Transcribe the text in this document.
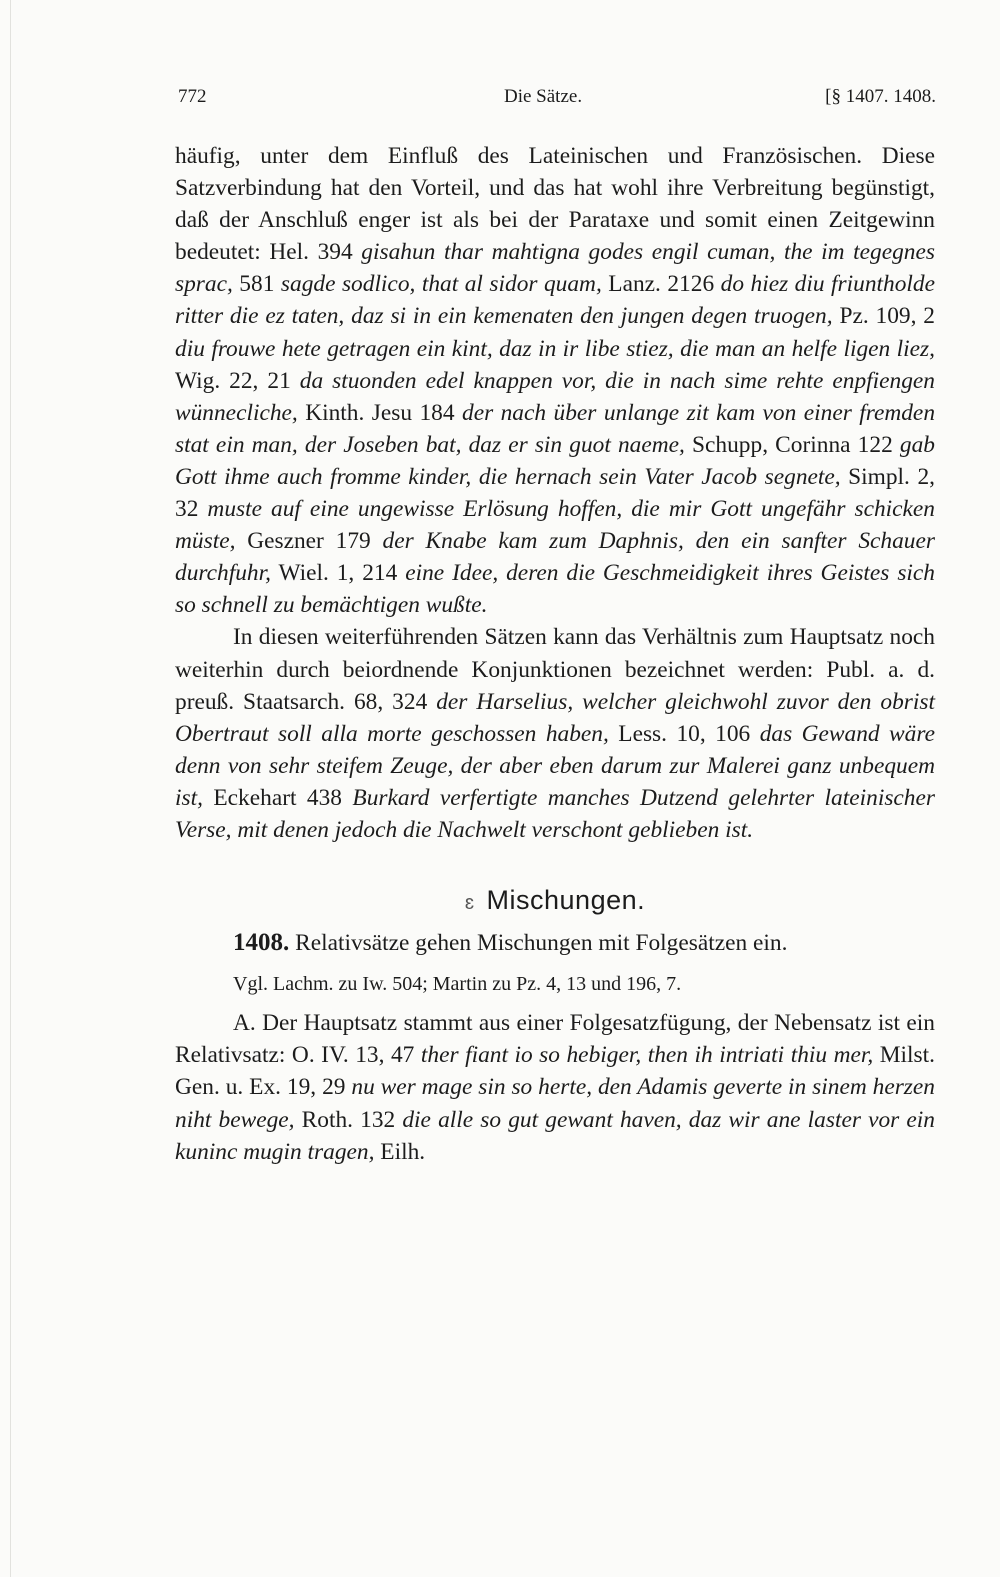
772	Die Sätze.	[§ 1407. 1408.

häufig, unter dem Einfluß des Lateinischen und Französischen. Diese Satzverbindung hat den Vorteil, und das hat wohl ihre Verbreitung begünstigt, daß der Anschluß enger ist als bei der Parataxe und somit einen Zeitgewinn bedeutet: Hel. 394 gisahun thar mahtigna godes engil cuman, the im tegegnes sprac, 581 sagde sodlico, that al sidor quam, Lanz. 2126 do hiez diu friuntholde ritter die ez taten, daz si in ein kemenaten den jungen degen truogen, Pz. 109, 2 diu frouwe hete getragen ein kint, daz in ir libe stiez, die man an helfe ligen liez, Wig. 22, 21 da stuonden edel knappen vor, die in nach sime rehte enpfiengen wünnecliche, Kinth. Jesu 184 der nach über unlange zit kam von einer fremden stat ein man, der Joseben bat, daz er sin guot naeme, Schupp, Corinna 122 gab Gott ihme auch fromme kinder, die hernach sein Vater Jacob segnete, Simpl. 2, 32 muste auf eine ungewisse Erlösung hoffen, die mir Gott ungefähr schicken müste, Geszner 179 der Knabe kam zum Daphnis, den ein sanfter Schauer durchfuhr, Wiel. 1, 214 eine Idee, deren die Geschmeidigkeit ihres Geistes sich so schnell zu bemächtigen wußte.

In diesen weiterführenden Sätzen kann das Verhältnis zum Hauptsatz noch weiterhin durch beiordnende Konjunktionen bezeichnet werden: Publ. a. d. preuß. Staatsarch. 68, 324 der Harselius, welcher gleichwohl zuvor den obrist Obertraut soll alla morte geschossen haben, Less. 10, 106 das Gewand wäre denn von sehr steifem Zeuge, der aber eben darum zur Malerei ganz unbequem ist, Eckehart 438 Burkard verfertigte manches Dutzend gelehrter lateinischer Verse, mit denen jedoch die Nachwelt verschont geblieben ist.

ɛ Mischungen.

1408. Relativsätze gehen Mischungen mit Folgesätzen ein.

Vgl. Lachm. zu Iw. 504; Martin zu Pz. 4, 13 und 196, 7.

A. Der Hauptsatz stammt aus einer Folgesatzfügung, der Nebensatz ist ein Relativsatz: O. IV. 13, 47 ther fiant io so hebiger, then ih intriati thiu mer, Milst. Gen. u. Ex. 19, 29 nu wer mage sin so herte, den Adamis geverte in sinem herzen niht bewege, Roth. 132 die alle so gut gewant haven, daz wir ane laster vor ein kuninc mugin tragen, Eilh.
